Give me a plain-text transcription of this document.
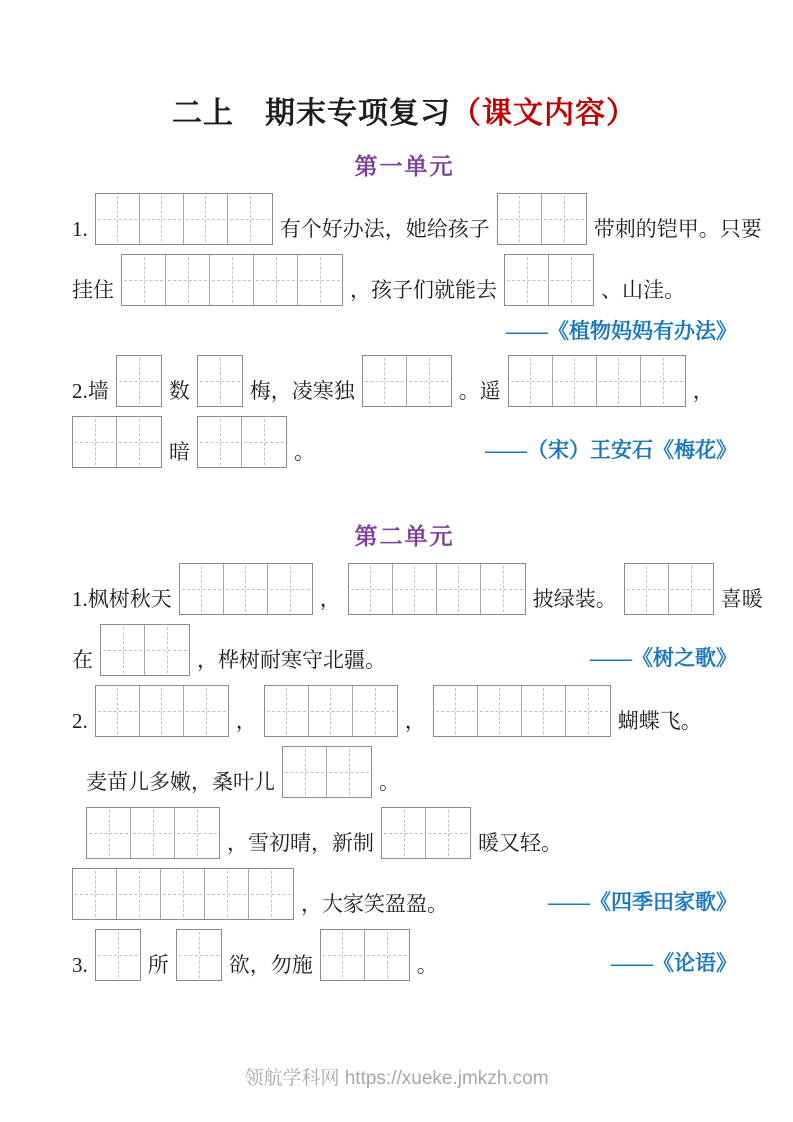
二上　期末专项复习（课文内容）
第一单元
1.	有个好办法，她给孩子	带刺的铠甲。只要
挂住	，孩子们就能去	、山洼。
——《植物妈妈有办法》
2.墙	数	梅，凌寒独	。遥	，
暗	。	——（宋）王安石《梅花》
第二单元
1.枫树秋天	，	披绿装。	喜暖
在	，桦树耐寒守北疆。	——《树之歌》
2.	，	，	蝴蝶飞。
麦苗儿多嫩，桑叶儿	。
，雪初晴，新制	暖又轻。
，大家笑盈盈。	——《四季田家歌》
3.	所	欲，勿施	。	——《论语》
领航学科网 https://xueke.jmkzh.com
